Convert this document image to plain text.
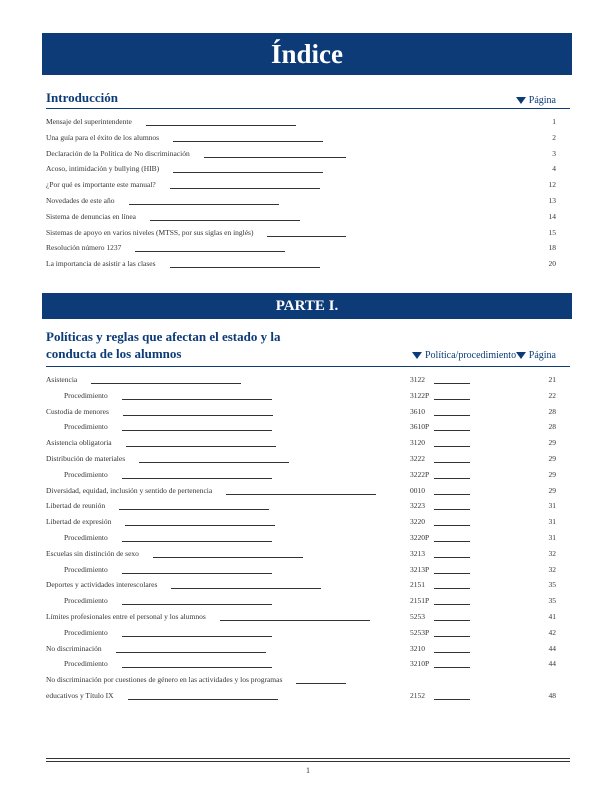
Índice
Introducción	Página
Mensaje del superintendente	1
Una guía para el éxito de los alumnos	2
Declaración de la Política de No discriminación	3
Acoso, intimidación y bullying (HIB)	4
¿Por qué es importante este manual?	12
Novedades de este año	13
Sistema de denuncias en línea	14
Sistemas de apoyo en varios niveles (MTSS, por sus siglas en inglés)	15
Resolución número 1237	18
La importancia de asistir a las clases	20
PARTE I.
Políticas y reglas que afectan el estado y la
conducta de los alumnos	Política/procedimiento Página
Asistencia	3122	21
Procedimiento	3122P	22
Custodia de menores	3610	28
Procedimiento	3610P	28
Asistencia obligatoria	3120	29
Distribución de materiales	3222	29
Procedimiento	3222P	29
Diversidad, equidad, inclusión y sentido de pertenencia	0010	29
Libertad de reunión	3223	31
Libertad de expresión	3220	31
Procedimiento	3220P	31
Escuelas sin distinción de sexo	3213	32
Procedimiento	3213P	32
Deportes y actividades interescolares	2151	35
Procedimiento	2151P	35
Límites profesionales entre el personal y los alumnos	5253	41
Procedimiento	5253P	42
No discriminación	3210	44
Procedimiento	3210P	44
No discriminación por cuestiones de género en las actividades y los programas
educativos y Título IX	2152	48
1
